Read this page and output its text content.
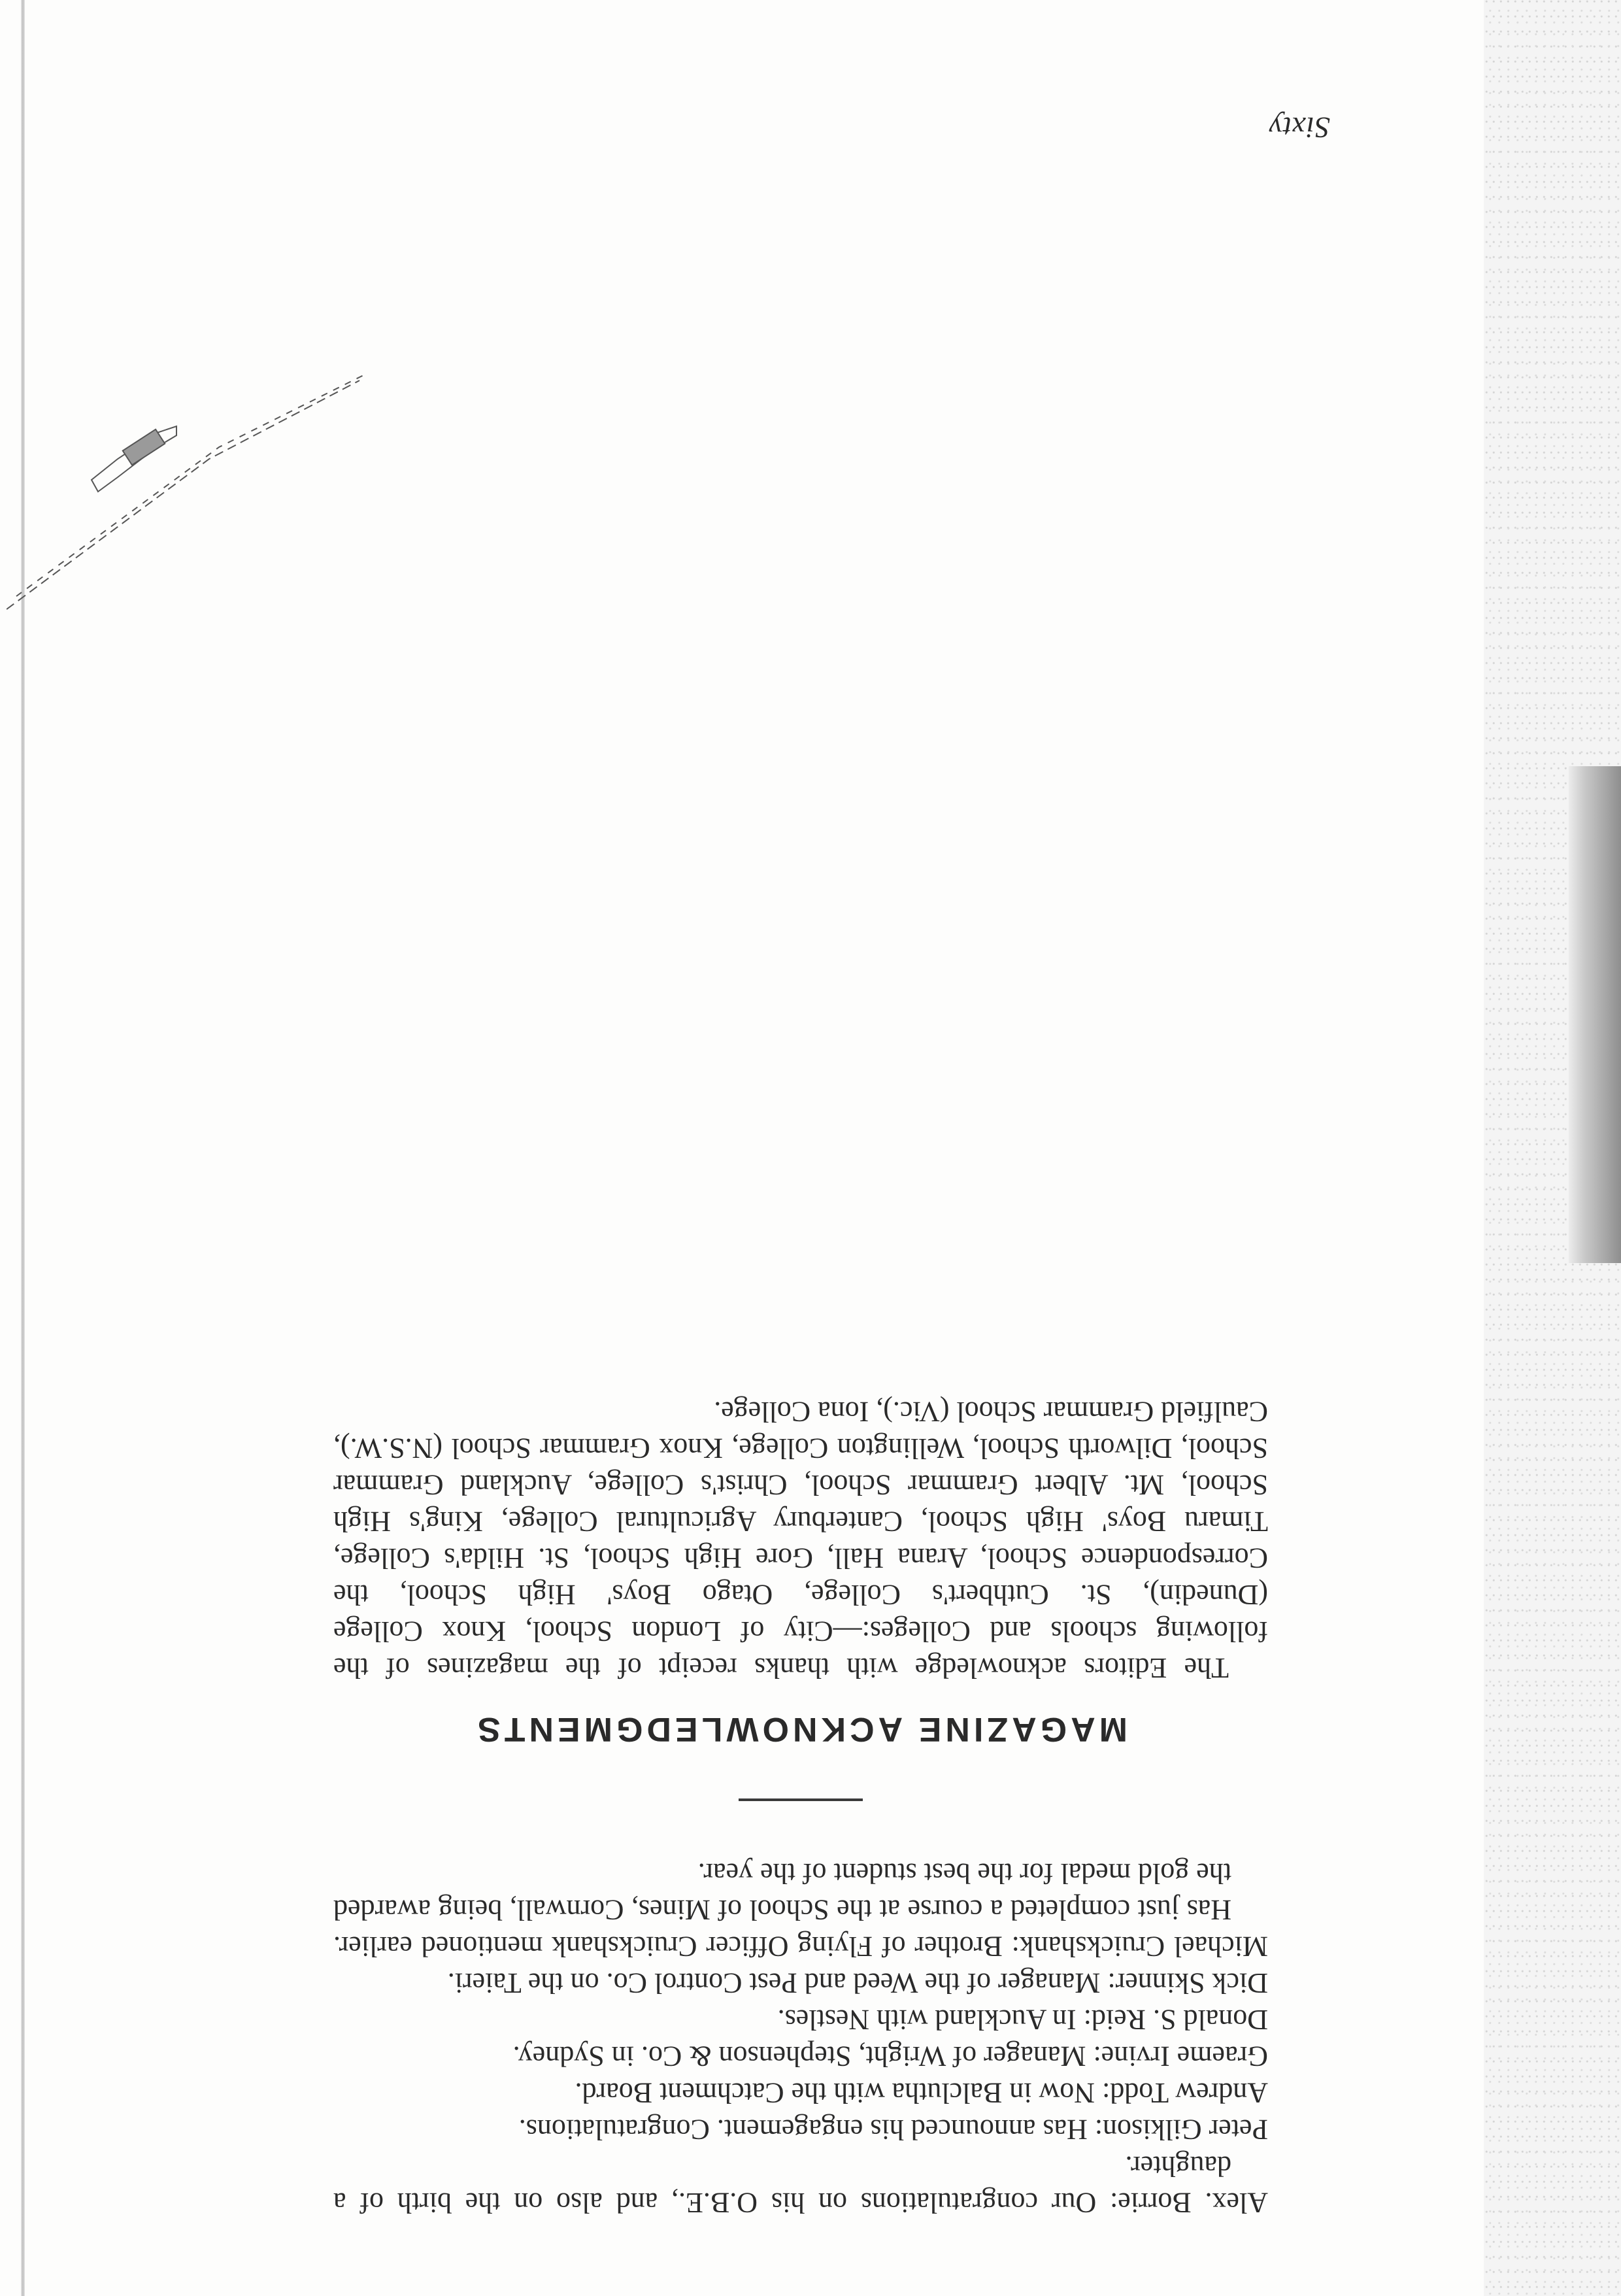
Sixty

Alex. Borrie: Our congratulations on his O.B.E., and also on the birth of a daughter.

Peter Gilkison: Has announced his engagement. Congratulations.

Andrew Todd: Now in Balclutha with the Catchment Board.

Graeme Irvine: Manager of Wright, Stephenson & Co. in Sydney.

Donald S. Reid: In Auckland with Nestles.

Dick Skinner: Manager of the Weed and Pest Control Co. on the Taieri.

Michael Cruickshank: Brother of Flying Officer Cruickshank mentioned earlier. Has just completed a course at the School of Mines, Cornwall, being awarded the gold medal for the best student of the year.

MAGAZINE ACKNOWLEDGMENTS

The Editors acknowledge with thanks receipt of the magazines of the following schools and Colleges:—City of London School, Knox College (Dunedin), St. Cuthbert's College, Otago Boys' High School, the Correspondence School, Arana Hall, Gore High School, St. Hilda's College, Timaru Boys' High School, Canterbury Agricultural College, King's High School, Mt. Albert Grammar School, Christ's College, Auckland Grammar School, Dilworth School, Wellington College, Knox Grammar School (N.S.W.), Caulfield Grammar School (Vic.), Iona College.
